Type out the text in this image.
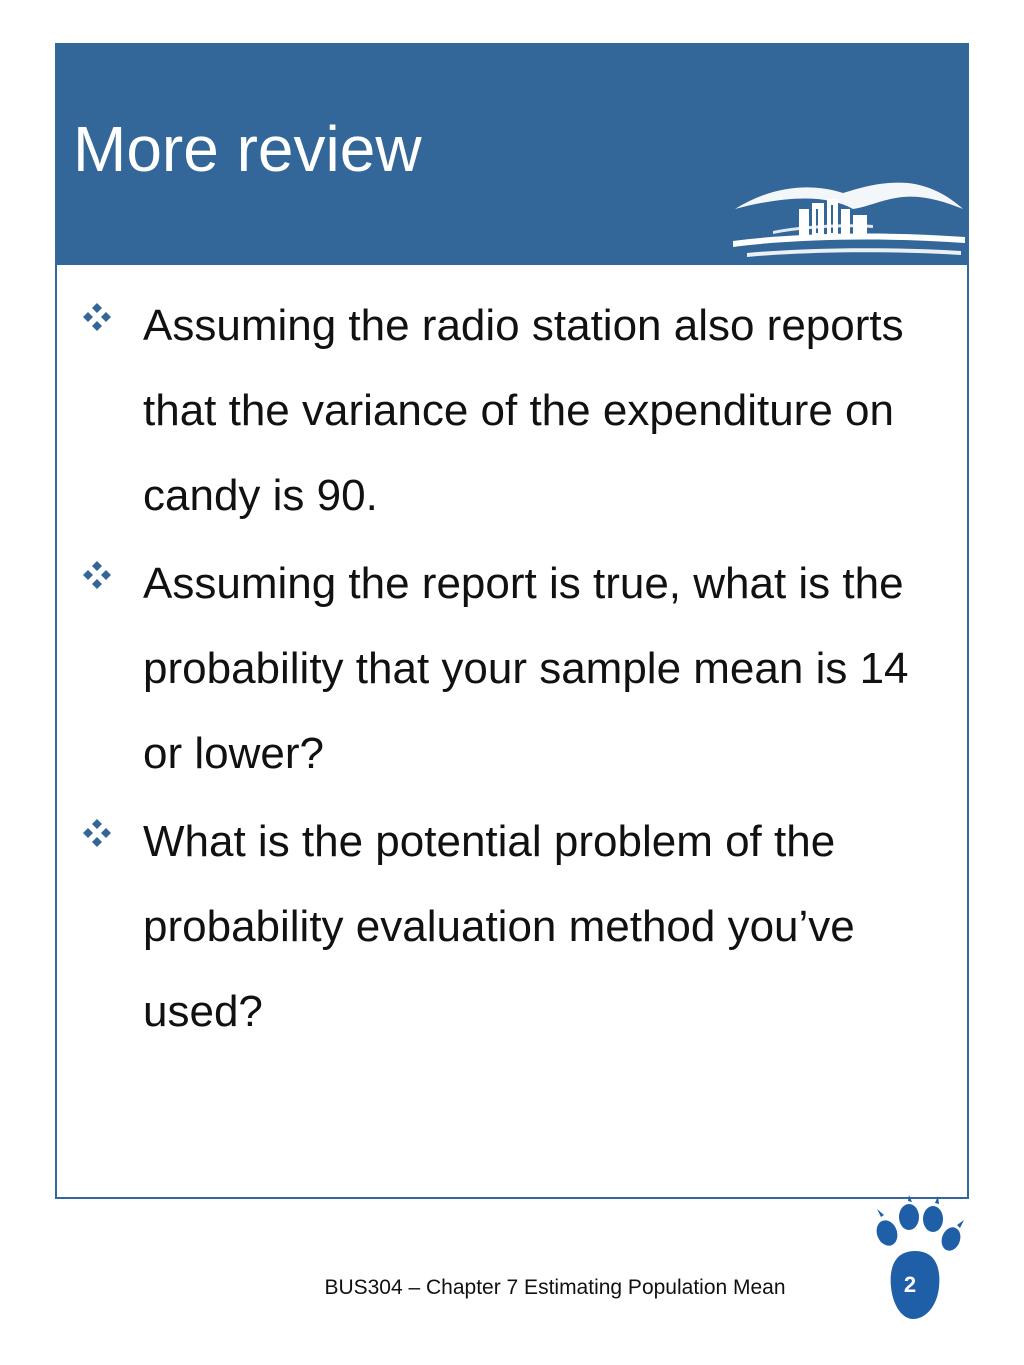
More review
Assuming the radio station also reports that the variance of the expenditure on candy is 90.
Assuming the report is true, what is the probability that your sample mean is 14 or lower?
What is the potential problem of the probability evaluation method you’ve used?
BUS304 – Chapter 7 Estimating Population Mean	2
